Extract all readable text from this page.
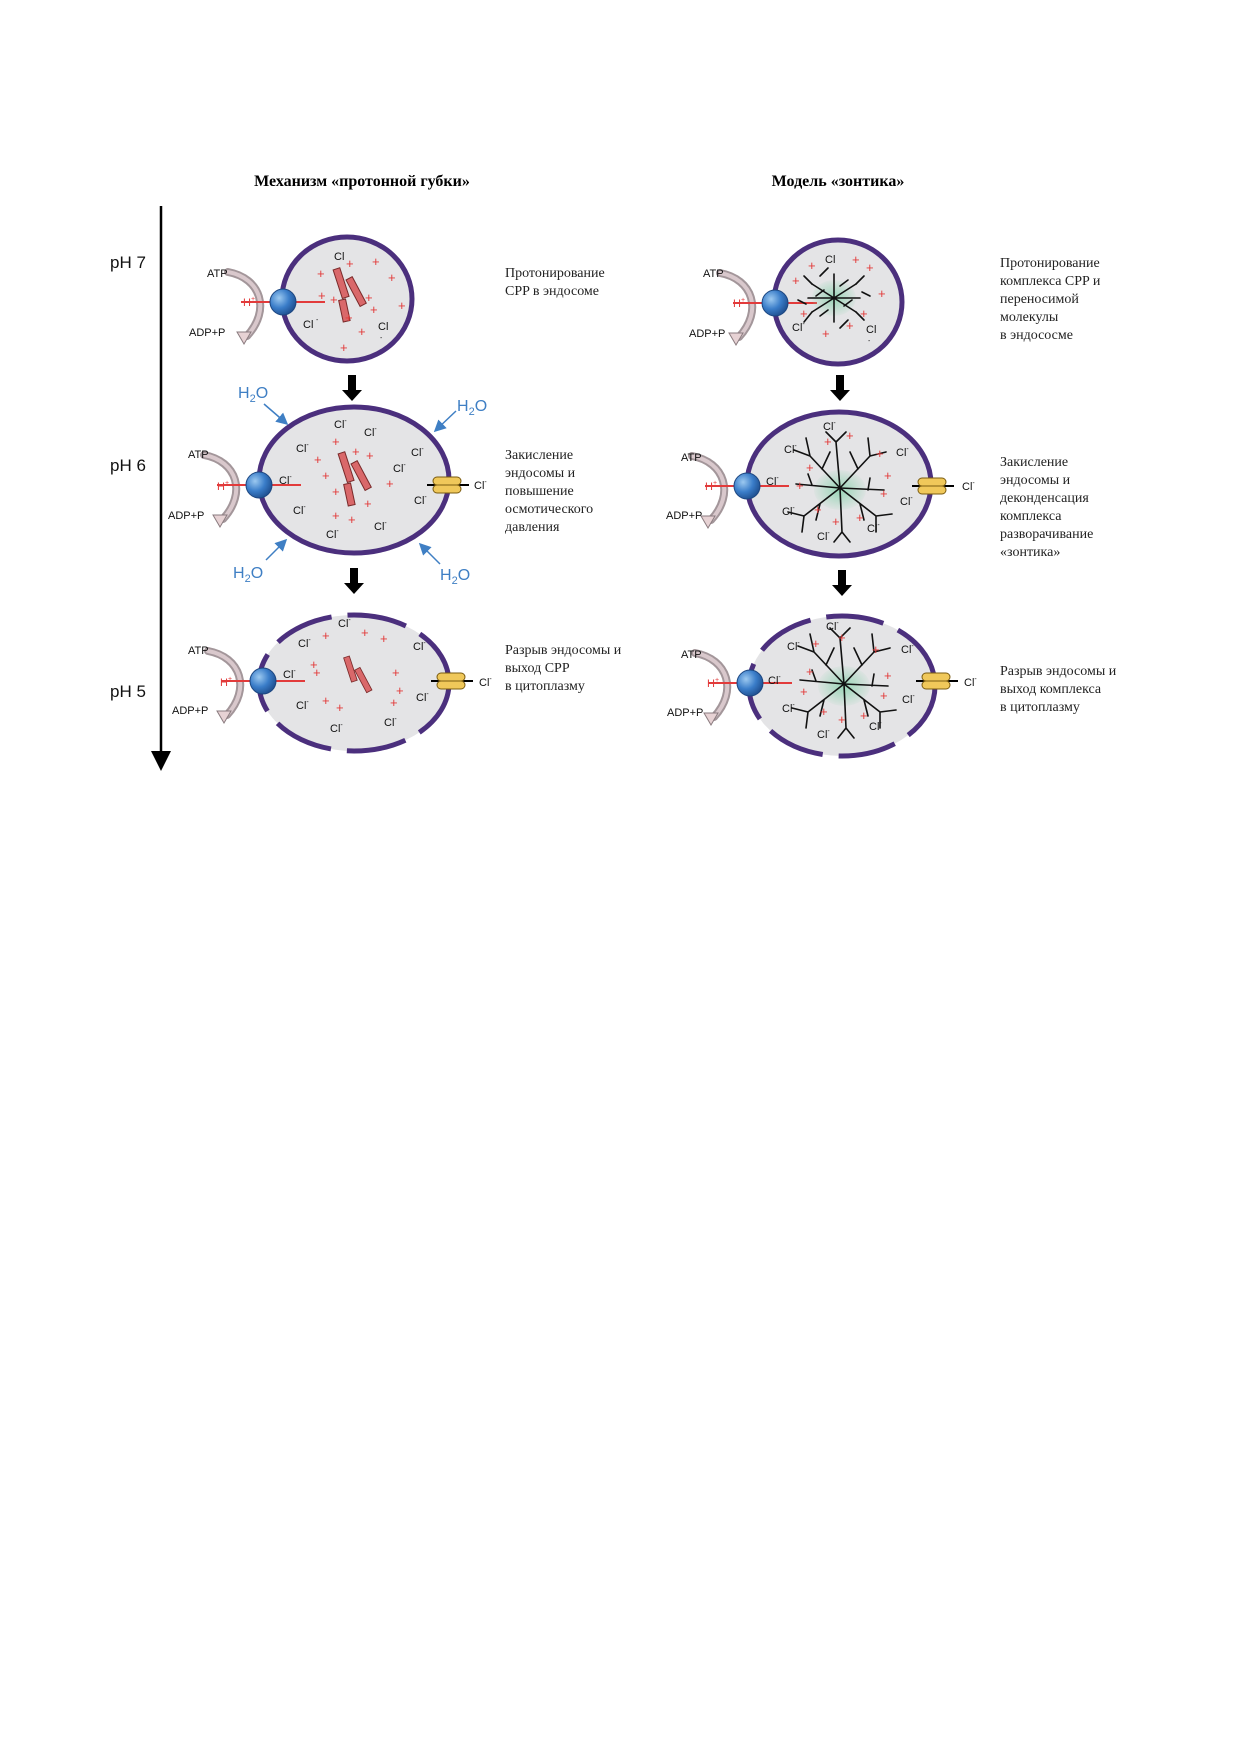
Механизм «протонной губки»	Модель «зонтика»
pH 7
pH 6
pH 5
ATP
ADP+P
H+
Cl
Cl -
Cl
-
+
+	+
+
+ +
+
+
+
+
+
+
ATP
ADP+P
H+	Cl-
Cl-
Cl-
Cl-
Cl-
Cl-
Cl-
Cl-
Cl-
Cl-
Cl-
+
+
+
+
+
+
+ +
+
+
$H_2O$
$H_2O$
$H_2O$	$H_2O$
ATP
ADP+P
H+	Cl-
Cl-
Cl-
Cl-
Cl-
Cl-
Cl-
Cl-
Cl-
+ + +
+
+
+
+
+
+
+
Протонирование CPP в эндосоме
Закисление эндосомы и повышение осмотического давления
Разрыв эндосомы и выход CPP в цитоплазму
ATP
ADP+P
H+
Cl
Cl-	Cl
-
+
+	+
+
+
+
+
+
+
ATP
ADP+P
H+	Cl-
Cl-
Cl-
Cl-
Cl-
Cl-
Cl-
Cl-
Cl-
+ +
+
+
+
+
+
+
+ +
ATP
ADP+P
H+	Cl-
Cl-
Cl-
Cl-
Cl-
Cl-
Cl-
Cl-
Cl-
+ +
+
+	+
+	+
+
+ +
Протонирование комплекса CPP и переносимой молекулы в эндососме
Закисление эндосомы и деконденсация комплекса разворачивание «зонтика»
Разрыв эндосомы и выход комплекса в цитоплазму
